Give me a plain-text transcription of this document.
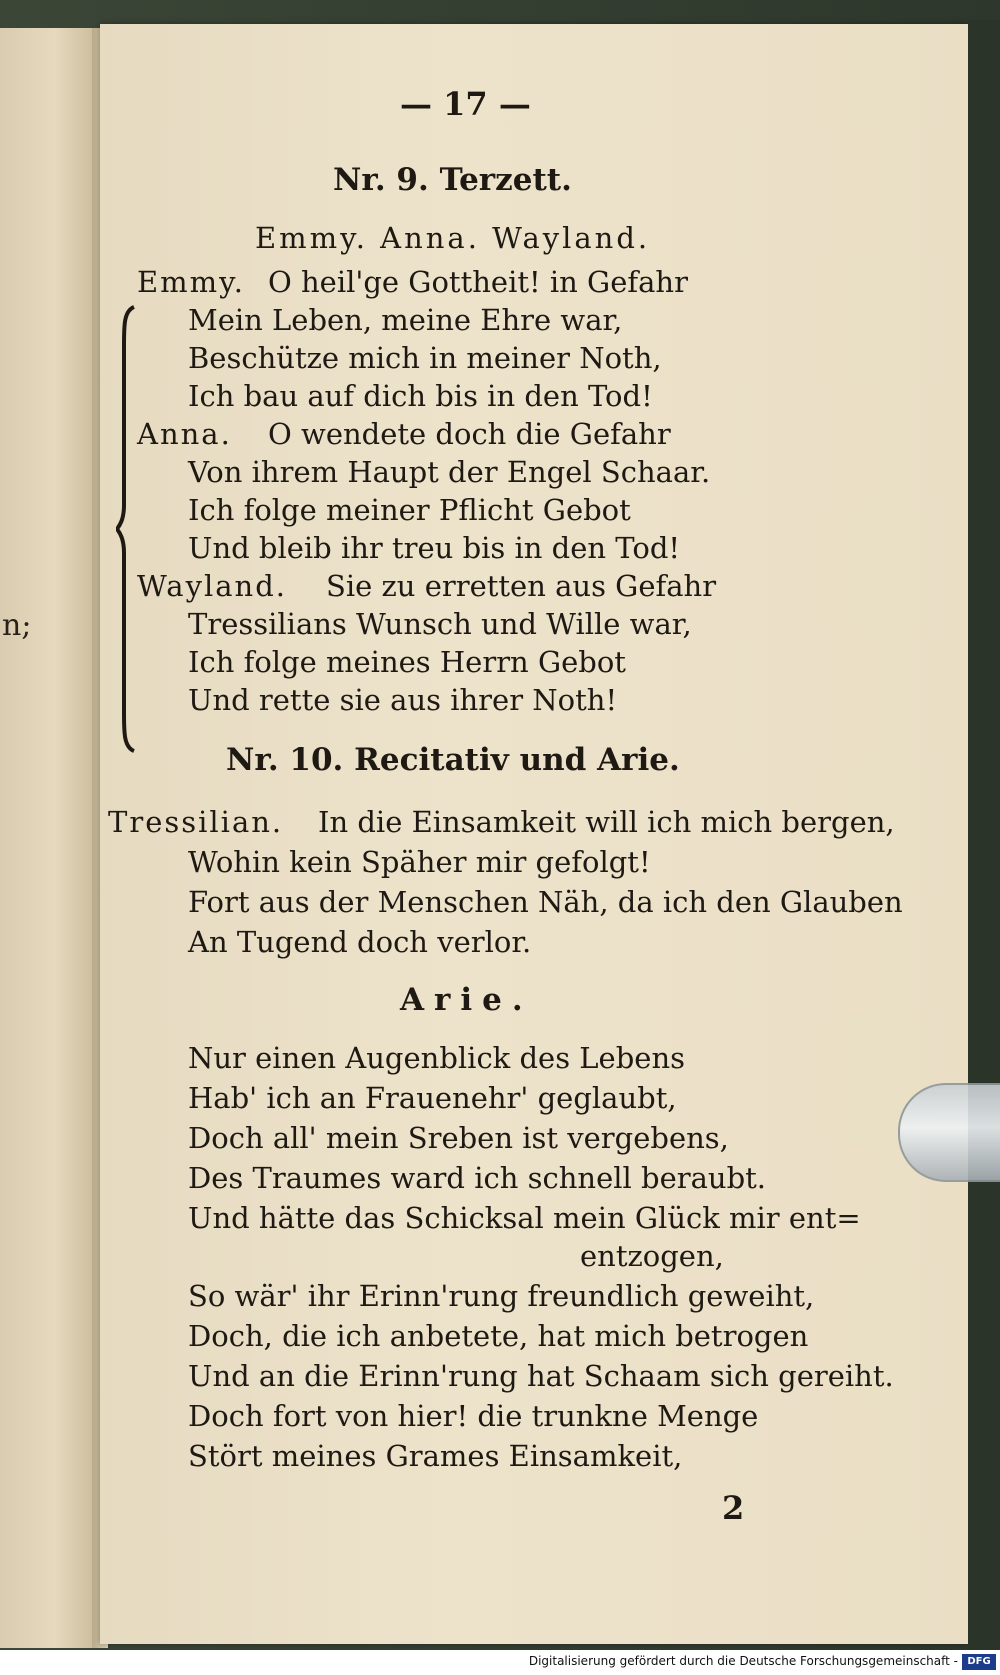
n;
— 17 —
Nr. 9. Terzett.
Emmy. Anna. Wayland.
Emmy. O heil'ge Gottheit! in Gefahr
Mein Leben, meine Ehre war,
Beschütze mich in meiner Noth,
Ich bau auf dich bis in den Tod!
Anna. O wendete doch die Gefahr
Von ihrem Haupt der Engel Schaar.
Ich folge meiner Pflicht Gebot
Und bleib ihr treu bis in den Tod!
Wayland. Sie zu erretten aus Gefahr
Tressilians Wunsch und Wille war,
Ich folge meines Herrn Gebot
Und rette sie aus ihrer Noth!
Nr. 10. Recitativ und Arie.
Tressilian. In die Einsamkeit will ich mich bergen,
Wohin kein Späher mir gefolgt!
Fort aus der Menschen Näh, da ich den Glauben
An Tugend doch verlor.
Arie.
Nur einen Augenblick des Lebens
Hab' ich an Frauenehr' geglaubt,
Doch all' mein Sreben ist vergebens,
Des Traumes ward ich schnell beraubt.
Und hätte das Schicksal mein Glück mir ent=
entzogen,
So wär' ihr Erinn'rung freundlich geweiht,
Doch, die ich anbetete, hat mich betrogen
Und an die Erinn'rung hat Schaam sich gereiht.
Doch fort von hier! die trunkne Menge
Stört meines Grames Einsamkeit,
2
Digitalisierung gefördert durch die Deutsche Forschungsgemeinschaft - DFG
